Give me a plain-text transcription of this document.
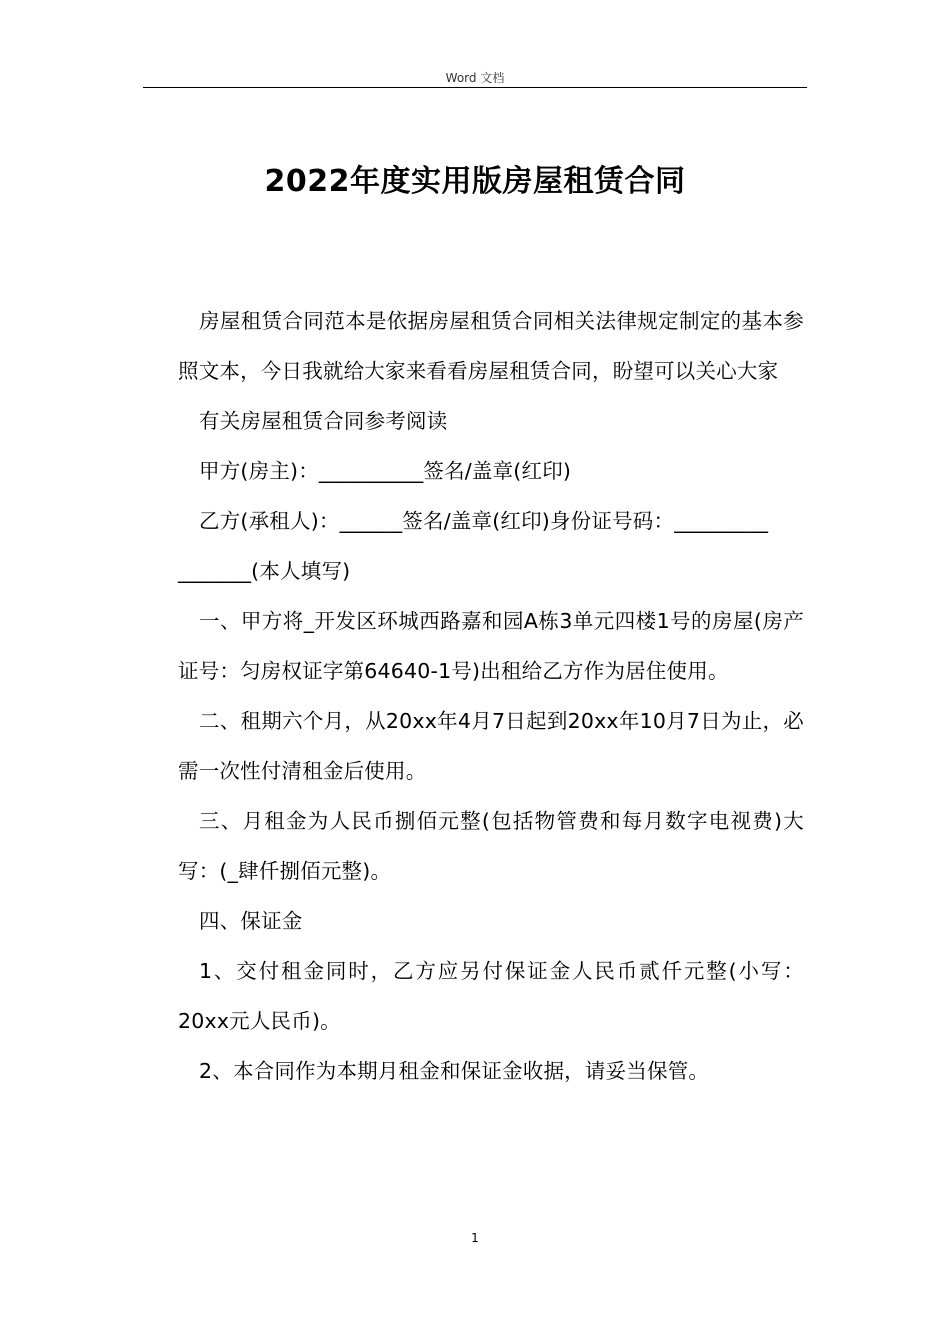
Word 文档
2022年度实用版房屋租赁合同

房屋租赁合同范本是依据房屋租赁合同相关法律规定制定的基本参照文本，今日我就给大家来看看房屋租赁合同，盼望可以关心大家

有关房屋租赁合同参考阅读

甲方(房主)：__________签名/盖章(红印)

乙方(承租人)：______签名/盖章(红印)身份证号码：_________

_______(本人填写)

一、甲方将_开发区环城西路嘉和园A栋3单元四楼1号的房屋(房产证号：匀房权证字第64640-1号)出租给乙方作为居住使用。

二、租期六个月，从20xx年4月7日起到20xx年10月7日为止，必需一次性付清租金后使用。

三、月租金为人民币捌佰元整(包括物管费和每月数字电视费)大写：(_肆仟捌佰元整)。

四、保证金

1、交付租金同时，乙方应另付保证金人民币贰仟元整(小写：20xx元人民币)。

2、本合同作为本期月租金和保证金收据，请妥当保管。

1
